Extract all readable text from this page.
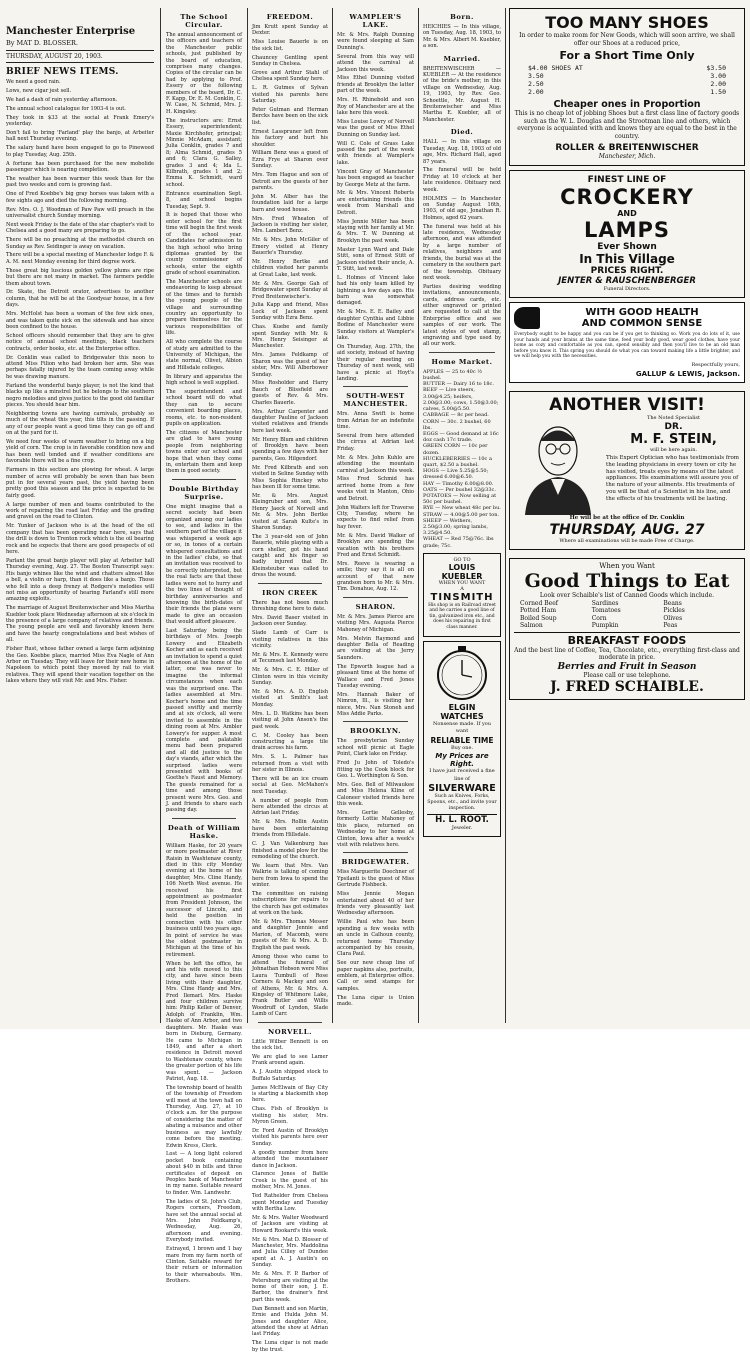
Manchester Enterprise
By MAT D. BLOSSER.
THURSDAY, AUGUST 20, 1903.
BRIEF NEWS ITEMS.

We need a good rain.

Lows, new cigar jest sell.

We had a dash of rain yesterday afternoon.

The annual school catalogue for 1903-4 is out.

They took in $33 at the social at Frank Emery's yesterday.

Don't fail to bring 'Farland' play the banjo, at Arbeiter hall next Thursday evening.

The salary band have been engaged to go to Pinewood to play Tuesday, Aug. 25th.

A fortune has been purchased for the new mobolide passenger which is nearing completion.

The weather has been warmer this week than for the past two weeks and corn is growing fast.

One of Fred Koebbe's big gray horses was taken with a few sights ago and died the following morning.

Rev. Mrs. O. J. Woodman of Paw Paw will preach in the universalist church Sunday morning.

Next week Friday is the date of the star chapter's visit to Chelsea and a good many are preparing to go.

There will be no preaching at the methodist church on Sunday as Rev. Seidinger is away on vacation.

There will be a special meeting of Manchester lodge F. & A. M. next Monday evening for third degree work.

Those great big luscious golden yellow plums are ripe but there are not many in market. The farmers peddle them about town.

Dr. Skate, the Detroit orator, advertises to another column, that he will be at the Goodyear house, in a few days.

Mrs. McHolst has been a woman of the few sick ones, and was taken quite sick on the sidewalk and has since been confined to the house.

School officers should remember that they are to give notice of annual school meetings, black teachers contracts, order books, etc. at the Enterprise office.

Dr. Conklin was called to Bridgewater this noon to attend Miss Filion who had broken her arm. She was perhaps fatally injured by the team coming away while he was drawing manure.

Farland the wonderful banjo player, is not the kind that blacks up like a minstrel but he belongs to the southern negro melodies and gives justice to the good old familiar pieces. You should hear him.

Neighboring towns are having carnivals, probably so much of the wheat this year, this tilts in the passing. If any of our people want a good time they can go off and on at the yard for it.

We need four weeks of warm weather to bring on a big yield of corn. The crop is in favorable condition now and has been well tended and if weather conditions are favorable there will be a fine crop.

Farmers in this section are plowing for wheat. A large number of acres will probably be sown than has been put in for several years past, the yield having been pretty good this season and the price is expected to be fairly good.

A large number of men and teams contributed to the work of repairing the road last Friday and the grading and gravel on the road to Clinton.

Mr. Yunker of Jackson who is at the head of the oil company that has been operating near here, says that the drill is down to Trenton rock which is the oil bearing rock and he expects that there are good prospects of oil here.

Parlant the great banjo player will play at Arbeiter hall Thursday evening, Aug. 27. The Boston Transcript says: His banjo whines like the wind and chatters almost like a bell, a violin or harp, than it does like a banjo. Those who fell into a deep frenzy at Rodgers's melodies will not miss an opportunity of hearing Farland's still more amazing exploits.

The marriage of August Breitenwischer and Miss Martha Kuebler took place Wednesday afternoon at six o'clock in the presence of a large company of relatives and friends. The young people are well and favorably known here and have the hearty congratulations and best wishes of all.

Fisher Rust, whose father owned a large farm adjoining the Geo. Koebbe place, married Miss Eva Nagle of Ann Arbor on Tuesday. They will leave for their new home in Napoleon to which point they moved by rail to visit relatives. They will spend their vacation together on the lakes where they will visit Mr. and Mrs. Fisher.

The School Circular.

The annual announcement of the officers and teachers of the Manchester public schools, just published by the board of education, comprises many changes. Copies of the circular can be had by applying to Prof. Essery or the following members of the board, Dr. C. F. Kapp, Dr. E. M. Conklin, C. W. Case, N. Schmid, Mrs. J. H. Kingsley.

The instructors are: Ernst Essery, superintendent; Maxie Kirchhofer, principal; Minnie McAdam, assistant; Julia Conklin, grades 7 and 8; Alma Schmid, grades 5 and 6; Clara G. Salley, grades 3 and 4; Ida L. Kilbrath, grades 1 and 2; Emma K. Schmidt, ward school.

Entrance examination Sept. 8, and school begins Tuesday, Sept. 9.

It is hoped that those who enter school for the first time will begin the first week of the school year. Candidates for admission to the high school who bring diplomas granted by the county commissioner of schools, enter the eighth grade of school examination.

The Manchester schools are endeavoring to keep abreast of the times and to furnish the young people of the village and surrounding country an opportunity to prepare themselves for the various responsibilities of life.

All who complete the course of study are admitted to the University of Michigan, the state normal, Olivet, Albion and Hillsdale colleges.

In library and apparatus the high school is well supplied.

The superintendent and school board will do what they can to secure convenient boarding places, rooms, etc. to non-resident pupils on application.

The citizens of Manchester are glad to have young people from neighboring towns enter our school and hope that when they come in, entertain them and keep them in good society.

Double Birthday Surprise.

One might imagine that a secret society had been organized among our ladies to see, and ladies in the southern part of the village it was whispered a week ago or so, in tones of a certain whispered consultations and in the ladies' clubs, so that an invitation was received to be correctly interpreted, but the real facts are that these ladies were not to hurry and the two lines of thought of birthday anniversaries and knowing the birth-dates of their friends the plans were made to give an occasion that would afford pleasure.

Last Saturday being the birthdays of Mrs. Joseph Lowery and Elizabeth Kocher and as each received an invitation to spend a quiet afternoon at the home of the latter, one was never to imagine the informal circumstances when each was the surprised one. The ladies assembled at Mrs. Kocher's home and the time passed swiftly and merrily and at six o'clock, all were invited to assemble in the dining room at Mrs. Ambler Lowery's for supper. A most complete and palatable menu had been prepared and all did justice to the day's viands, after which the surprised ladies were presented with books of Goethe's Faust and Memory. The guests remained for a time and among those present were Mrs. Geo. and J. and friends to share each passing day.

Death of William Haske.

William Haske, for 20 years or more postmaster at River Raisin in Washtenaw county, died in this city Monday evening at the home of his daughter, Mrs. Cline Handy, 106 North West avenue. He received his first appointment as postmaster from President Johnson, the successor of Lincoln, and held the position in connection with his other business until two years ago. In point of service he was the oldest postmaster in Michigan at the time of his retirement.

When he left the office, he and his wife moved to this city, and have since been living with their daughter, Mrs. Cline Handy and Mrs. Fred Ilemarl. Mrs. Haske and four children survive him: Philip Keller of Denver, Adolph of Franklin, Wm. Haske of Ann Arbor, and two daughters. Mr. Haske was born in Dieburg, Germany. He came to Michigan in 1849, and after a short residence in Detroit moved to Washtenaw county, where the greater portion of his life was spent. — Jackson Patriot, Aug. 18.

The township board of health of the township of Freedom will meet at the town hall on Thursday, Aug. 27, at 10 o'clock a.m. for the purpose of considering the matter of abating a nuisance and other business as may lawfully come before the meeting. Edwin Kress, Clerk.

Lost — A long light colored pocket book containing about $40 in bills and three certificates of deposit on Peoples bank of Manchester in my name. Suitable reward to finder. Wm. Landwehr.

The ladies of St. John's Club, Rogers corners, Freedom, have set the annual social at Mrs. John Feldkamp's, Wednesday, Aug. 26, afternoon and evening. Everybody invited.

Estrayed, 1 brown and 1 bay mare from my farm north of Clinton. Suitable reward for their return or information to their whereabouts. Wm. Brothers.

FREEDOM.

Jim Krutt spent Sunday at Dexter.

Miss Louise Bauerle is on the sick list.

Chauncey Gentling spent Sunday in Chelsea.

Grove and Arthur Stahl of Chelsea spent Sunday here.

L. R. Gutmes of Sylvan visited his parents here Saturday.

Peter Gutman and Herman Bercks have been on the sick list.

Ernest Lasspruner left from his factory and hurt his shoulder.

William Benz was a guest of Ezra Frye at Sharon over Sunday.

Mrs. Tom Hague and son of Detroit are the guests of her parents.

John M. Alber has the foundation laid for a large barn and wood house.

Mrs. Fred Wheaton of Jackson is visiting her sister, Mrs. Lambert Benz.

Mr. & Mrs. John McGiler of Emery visited at Henry Bauerle's Thursday.

Mr. Henry Bertke and children visited her parents at Great Lake, last week.

Mr. & Mrs. George Gah of Bridgewater spent Sunday at Fred Breitenwischer's.

Julia Kapp and friend, Miss Lock of Jackson spent Sunday with Ezra Benz.

Chas. Kuebe and family spent Sunday with Mr. & Mrs. Henry Seisinger at Manchester.

Mrs. James Feldkamp of Sharon was the guest of her sister, Mrs. Will Alberbower Sunday.

Miss Rosholder and Harry Bauch of Blissfield are guests of Rev. & Mrs. Charles Bauerle.

Mrs. Arthur Carpenter and daughter Pauline of Jackson visited relatives and friends here last week.

Mr. Henry Blum and children of Brooklyn have been spending a few days with her parents, Geo. Hilgendorf.

Mr. Fred Kilbrath and son visited in Seline Sunday with Miss Sophia Rinckey who has been ill for some time.

Mr. & Mrs. August Kleingruber and son, Mrs. Henry Jaeck of Norvell and Mr. & Mrs. John Bertke visited at Sarah Kulte's in Sharon Sunday.

The 3 year-old son of John Bauerle, while playing with a corn sheller, got his hand caught and his finger so badly injured that Dr. Kleinsteuber was called to dress the wound.

IRON CREEK

There has not been much threshing done here to date.

Mrs. David Baser visited in Jackson over Sunday.

Slade Lamb of Carr is visiting relatives in this vicinity.

Mr. & Mrs. E. Kennedy were at Tecumseh last Monday.

Mr. & Mrs. C. E. Hiller of Clinton were in this vicinity Sunday.

Mr. & Mrs. A. D. English visited at Smith's last Monday.

Mrs. L. D. Watkins has been visiting at John Anson's the past week.

C. M. Cooley has been constructing a large tile drain across his farm.

Mrs. S. L. Palmer has returned from a visit with her sister in Illinois.

There will be an ice cream social at Geo. McMahon's next Tuesday.

A number of people from here attended the circus at Adrian last Friday.

Mr. & Mrs. Rollin Austin have been entertaining friends from Hillsdale.

C. J. Van Valkenburg has finished a model plow for the remodeling of the church.

We learn that Mrs. Van Walkrie is talking of coming here from Iowa to spend the winter.

The committee on raising subscriptions for repairs to the church has got estimates at work on the task.

Mr. & Mrs. Thomas Messer and daughter Jennie and Marion, of Macomb, were guests of Mr. & Mrs. A. D. English the past week.

Among those who came to attend the funeral of Johnathan Hobson were Miss Laura Tumbull of Rose Corners & Mackey and son of Athens, Mr. & Mrs. A. Kingsley of Whitmore Lake, Frank Butler and Willis Woodruff of Lyndon, Slade Lamb of Carr.

NORVELL.

Little Wilber Bennett is on the sick list.

We are glad to see Lamer Frank around again.

A. J. Austin shipped stock to Buffalo Saturday.

James McElwain of Bay City is starting a blacksmith shop here.

Chas. Fish of Brooklyn is visiting his sister, Mrs. Myron Green.

Dr. Ford Austin of Brooklyn visited his parents here over Sunday.

A goodly number from here attended the mountaineer dance in Jackson.

Clarence Jones of Battle Creek is the guest of his mother, Mrs. M. Jones.

Ted Rathelder from Chelsea spent Monday and Tuesday with Bertha Low.

Mr. & Mrs. Walter Woodward of Jackson are visiting at Howard Rookard's this week.

Mr. & Mrs. Mat D. Blosser of Manchester, Mrs. Maddolina and Julia Cilley of Dundee spent at A. J. Austin's on Sunday.

Mr. & Mrs. F. P. Barbor of Petersburg are visiting at the home of their son, J. E. Barbor, the drainer's first part this week.

Dan Bennett and son Martin, Ernie and Hulda John M. Jones and daughter Alice, attended the show at Adrian last Friday.

The Luna cigar is not made by the trust.

WAMPLER'S LAKE.

Mr. & Mrs. Ralph Dunning were found sleeping at Sam Dunning's.

Several from this way will attend the carnival at Jackson this week.

Miss Ethel Dunning visited friends at Brooklyn the latter part of the week.

Mrs. H. Rhinebold and son Roy of Manchester are at the lake here this week.

Miss Louise Lowry of Norvell was the guest of Miss Ethel Dunning on Sunday last.

Will C. Cole of Grass Lake passed the part of the week with friends at Wampler's lake.

Vincent Gray of Manchester has been engaged as teacher by George Metz at the farm.

Mr. & Mrs. Vincent Roberts are entertaining friends this week from Marshall and Detroit.

Miss Jennie Miller has been staying with her family at Mr. & Mrs. T. W. Dunning at Brooklyn the past week.

Master Lynn Ward and Dale Stitt, sons of Ernest Stitt of Jackson visited their uncle, A. T. Stitt, last week.

L. Holmes of Vincent lake had his only team killed by lightning a few days ago. His barn was somewhat damaged.

Mr. & Mrs. E. E. Bailey and daughter Cynthia and Libbie Bodine of Manchester were Sunday visitors at Wampler's lake.

On Thursday, Aug. 27th, the aid society, instead of having their regular meeting on Thursday of next week, will have a picnic at Hoyt's landing.

SOUTH-WEST MANCHESTER.

Mrs. Anna Swift is home from Adrian for an indefinite time.

Several from here attended the circus at Adrian last Friday.

Mr. & Mrs. John Kuhlo are attending the mountain carnival at Jackson this week.

Miss Fred Schmid has arrived home from a few weeks visit in Manton, Ohio and Detroit.

John Walters left for Traverse City, Tuesday, where he expects to find relief from hay fever.

Mr. & Mrs. David Walker of Brooklyn are spending the vacation with his brothers Fred and Ernst Schmidt.

Mrs. Reeve is wearing a smile; they say it is all on account of that new grandson born to Mr. & Mrs. Tim. Donahue, Aug. 12.

SHARON.

Mr. & Mrs. James Pierce are visiting Mrs. Augusta Pierce Mahoney of Michigan.

Mrs. Melvin Raymond and daughter Bella of Reading are visiting at the Jerry Saunders.

The Epworth league had a pleasant time at the home of Wallace and Fred Jones Tuesday evening.

Mrs. Hannah Baker of Nimron, Ill., is visiting her niece, Mrs. Nan Stoneh and Miss Addie Parks.

BROOKLYN.

The presbyterian Sunday school will picnic at Eagle Point, Clark lake on Friday.

Fred Ju John of Toledo's fitting up the Cook block for Geo. L. Worthington & Son.

Mrs. Geo. Bell of Milwaukee and Miss Helena Kline of Caloneer visited friends here this week.

Mrs. Gertie Gellesby, formerly Lottie Mahoney of this place, returned on Wednesday to her home at Clinton, Iowa after a week's visit with relatives here.

BRIDGEWATER.

Miss Marguerite Doechner of Ypsilanti is the guest of Miss Gertrude Fishbeck.

Miss Jennie Megan entertained about 40 of her friends very pleasantly last Wednesday afternoon.

Willie Paul who has been spending a few weeks with an uncle in Calhoun county, returned home Thursday accompanied by his cousin, Clara Paul.

See our new cheap line of paper napkins also, portraits, emblem, at Enterprise office. Call or send stamps for samples.

The Luna cigar is Union made.

Born.

HEICHIES — In this village, on Tuesday, Aug. 18, 1903, to Mr. & Mrs. Albert M. Kuebler, a son.

Married.

BREITENWISCHER — KUEBLER — At the residence of the bride's mother, in this village on Wednesday, Aug. 19, 1903, by Rev. Geo. Schoettle, Mr. August H. Breitenwischer and Miss Martha E. Kuebler, all of Manchester.

Died.

HALL — In this village on Tuesday, Aug. 18, 1903 of old age, Mrs. Richard Hall, aged 87 years.

The funeral will be held Friday at 10 o'clock at her late residence. Obituary next week.

HOLMES — In Manchester on Sunday August 16th, 1903, of old age, Jonathan R. Holmes, aged 62 years.

The funeral was held at his late residence, Wednesday afternoon, and was attended by a large number of relatives, neighbors and friends, the burial was at the cemetery in the southern part of the township. Obituary next week.

Parties desiring wedding invitations, announcements, cards, address cards, etc. either engraved or printed are requested to call at the Enterprise office and see samples of our work. The latest styles of wed stamp, engraving and type used by all our work.

Home Market.
APPLES — 25 to 40c ½ bushel.
BUTTER — Dairy 16 to 18c.
BEEF — Live steers, 3.00@4.25; heifers, 2.00@3.00; cows, 1.50@3.00; calves, 5.00@5.50.
CABBAGE — 8c per head.
CORN — 30c. 2 bushel, 60 lbs.
EGGS — Good demand at 16c doz cash 17c trade.
GREEN CORN — 10c per dozen.
HUCKLEBERRIES — 10c a quart, $2.50 a bushel.
HOGS — Live 5.25@5.50; dressed 6.00@6.50.
HAY — Timothy 6.00@8.00.
OATS — Per bushel 32@33c.
POTATOES — Now selling at 50c per bushel.
RYE — New wheat 48c per bu.
STRAW — 4.00@5.00 per ton.
SHEEP — Wethers, 2.50@3.00; spring lambs, 3.25@4.50.
WHEAT — Red 75@76c. lbs grade; 75c.
GO TO
LOUIS KUEBLER
WHEN YOU WANT
A
TINSMITH

His shop is on Railroad street and he carries a good line of tin, galvanized iron etc., and does his repairing in first class manner.

ELGIN WATCHES
Nonsense made. If you want
RELIABLE TIME
Buy one.
My Prices are Right.
I have just received a fine line of
SILVERWARE
Such as Knives, Forks, Spoons, etc., and invite your inspection.
H. L. ROOT.
Jeweler.
TOO MANY SHOES
In order to make room for New Goods, which will soon arrive, we shall offer our Shoes at a reduced price,
For a Short Time Only
$4.00 SHOES AT	$3.50
3.50	3.00
2.50	2.00
2.00	1.50
Cheaper ones in Proportion
This is no cheap lot of jobbing Shoes but a first class line of factory goods such as the W. L. Douglas and the Strootman line and others, which everyone is acquainted with and knows they are equal to the best in the country.
ROLLER & BREITENWISCHER
Manchester, Mich.
FINEST LINE OF
CROCKERY
AND
LAMPS
Ever Shown
In This Village
PRICES RIGHT.
JENTER & RAUSCHENBERGER
Funeral Directors.
WITH GOOD HEALTH
AND COMMON SENSE

Everybody ought to be happy and you can be if you get to thinking so. Work you do lots of it, use your hands and your brains at the same time, feed your body good, wear good clothes, have your home as cozy and comfortable as you can, spend sensibly and then you'll live to be an old man before you know it. This spring you should do what you can toward making life a little brighter, and we will help you with the necessities.

Respectfully yours,
GALLUP & LEWIS, Jackson.
ANOTHER VISIT!
The Noted Specialist
DR.
M. F. STEIN,
will be here again.

This Expert Optician who has testimonials from the leading physicians in every town or city he has visited, treats eyes by means of the latest appliances. His examinations will assure you of the nature of your ailments. His treatments of you will be that of a Scientist in his line, and the effects of his treatments will be lasting.

He will be at the office of Dr. Conklin
THURSDAY, AUG. 27
Where all examinations will be made Free of Charge.
When you Want
Good Things to Eat
Look over Schaible's list of Canned Goods which include.
Corned Beef	Sardines	Beans
Potted Ham	Tomatoes	Pickles
Boiled Soup	Corn	Olives
Salmon	Pumpkin	Peas
BREAKFAST FOODS
And the best line of Coffee, Tea, Chocolate, etc., everything first-class and moderate in price.
Berries and Fruit in Season
Please call or use telephone.
J. FRED SCHAIBLE.
